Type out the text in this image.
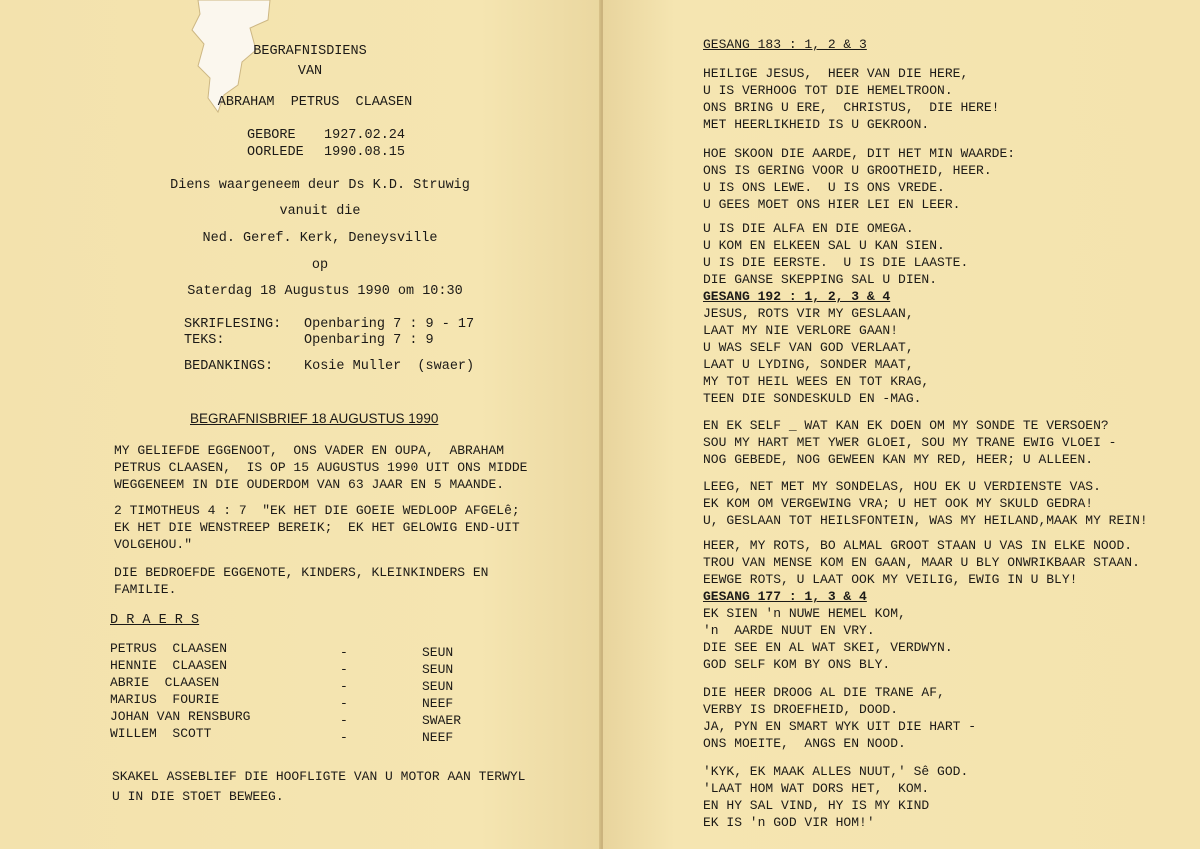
BEGRAFNISDIENS
VAN
ABRAHAM  PETRUS  CLAASEN
GEBORE 1927.02.24
OORLEDE 1990.08.15
Diens waargeneem deur Ds K.D. Struwig
vanuit die
Ned. Geref. Kerk, Deneysville
op
Saterdag 18 Augustus 1990 om 10:30
SKRIFLESING: Openbaring 7 : 9 - 17
TEKS:	Openbaring 7 : 9
BEDANKINGS: Kosie Muller  (swaer)
BEGRAFNISBRIEF 18 AUGUSTUS 1990
MY GELIEFDE EGGENOOT,  ONS VADER EN OUPA,  ABRAHAM
PETRUS CLAASEN,  IS OP 15 AUGUSTUS 1990 UIT ONS MIDDE
WEGGENEEM IN DIE OUDERDOM VAN 63 JAAR EN 5 MAANDE.
2 TIMOTHEUS 4 : 7  "EK HET DIE GOEIE WEDLOOP AFGELê;
EK HET DIE WENSTREEP BEREIK;  EK HET GELOWIG END-UIT
VOLGEHOU."
DIE BEDROEFDE EGGENOTE, KINDERS, KLEINKINDERS EN
FAMILIE.
D R A E R S
PETRUS  CLAASEN	-	SEUN
HENNIE  CLAASEN	-	SEUN
ABRIE  CLAASEN	-	SEUN
MARIUS  FOURIE	-	NEEF
JOHAN VAN RENSBURG	-	SWAER
WILLEM  SCOTT	-	NEEF
SKAKEL ASSEBLIEF DIE HOOFLIGTE VAN U MOTOR AAN TERWYL
U IN DIE STOET BEWEEG.
GESANG 183 : 1, 2 & 3
HEILIGE JESUS,  HEER VAN DIE HERE,
U IS VERHOOG TOT DIE HEMELTROON.
ONS BRING U ERE,  CHRISTUS,  DIE HERE!
MET HEERLIKHEID IS U GEKROON.
HOE SKOON DIE AARDE, DIT HET MIN WAARDE:
ONS IS GERING VOOR U GROOTHEID, HEER.
U IS ONS LEWE.  U IS ONS VREDE.
U GEES MOET ONS HIER LEI EN LEER.
U IS DIE ALFA EN DIE OMEGA.
U KOM EN ELKEEN SAL U KAN SIEN.
U IS DIE EERSTE.  U IS DIE LAASTE.
DIE GANSE SKEPPING SAL U DIEN.
GESANG 192 : 1, 2, 3 & 4
JESUS, ROTS VIR MY GESLAAN,
LAAT MY NIE VERLORE GAAN!
U WAS SELF VAN GOD VERLAAT,
LAAT U LYDING, SONDER MAAT,
MY TOT HEIL WEES EN TOT KRAG,
TEEN DIE SONDESKULD EN -MAG.
EN EK SELF _ WAT KAN EK DOEN OM MY SONDE TE VERSOEN?
SOU MY HART MET YWER GLOEI, SOU MY TRANE EWIG VLOEI -
NOG GEBEDE, NOG GEWEEN KAN MY RED, HEER; U ALLEEN.
LEEG, NET MET MY SONDELAS, HOU EK U VERDIENSTE VAS.
EK KOM OM VERGEWING VRA; U HET OOK MY SKULD GEDRA!
U, GESLAAN TOT HEILSFONTEIN, WAS MY HEILAND,MAAK MY REIN!
HEER, MY ROTS, BO ALMAL GROOT STAAN U VAS IN ELKE NOOD.
TROU VAN MENSE KOM EN GAAN, MAAR U BLY ONWRIKBAAR STAAN.
EEWGE ROTS, U LAAT OOK MY VEILIG, EWIG IN U BLY!
GESANG 177 : 1, 3 & 4
EK SIEN 'n NUWE HEMEL KOM,
'n  AARDE NUUT EN VRY.
DIE SEE EN AL WAT SKEI, VERDWYN.
GOD SELF KOM BY ONS BLY.
DIE HEER DROOG AL DIE TRANE AF,
VERBY IS DROEFHEID, DOOD.
JA, PYN EN SMART WYK UIT DIE HART -
ONS MOEITE,  ANGS EN NOOD.
'KYK, EK MAAK ALLES NUUT,' Sê GOD.
'LAAT HOM WAT DORS HET,  KOM.
EN HY SAL VIND, HY IS MY KIND
EK IS 'n GOD VIR HOM!'
